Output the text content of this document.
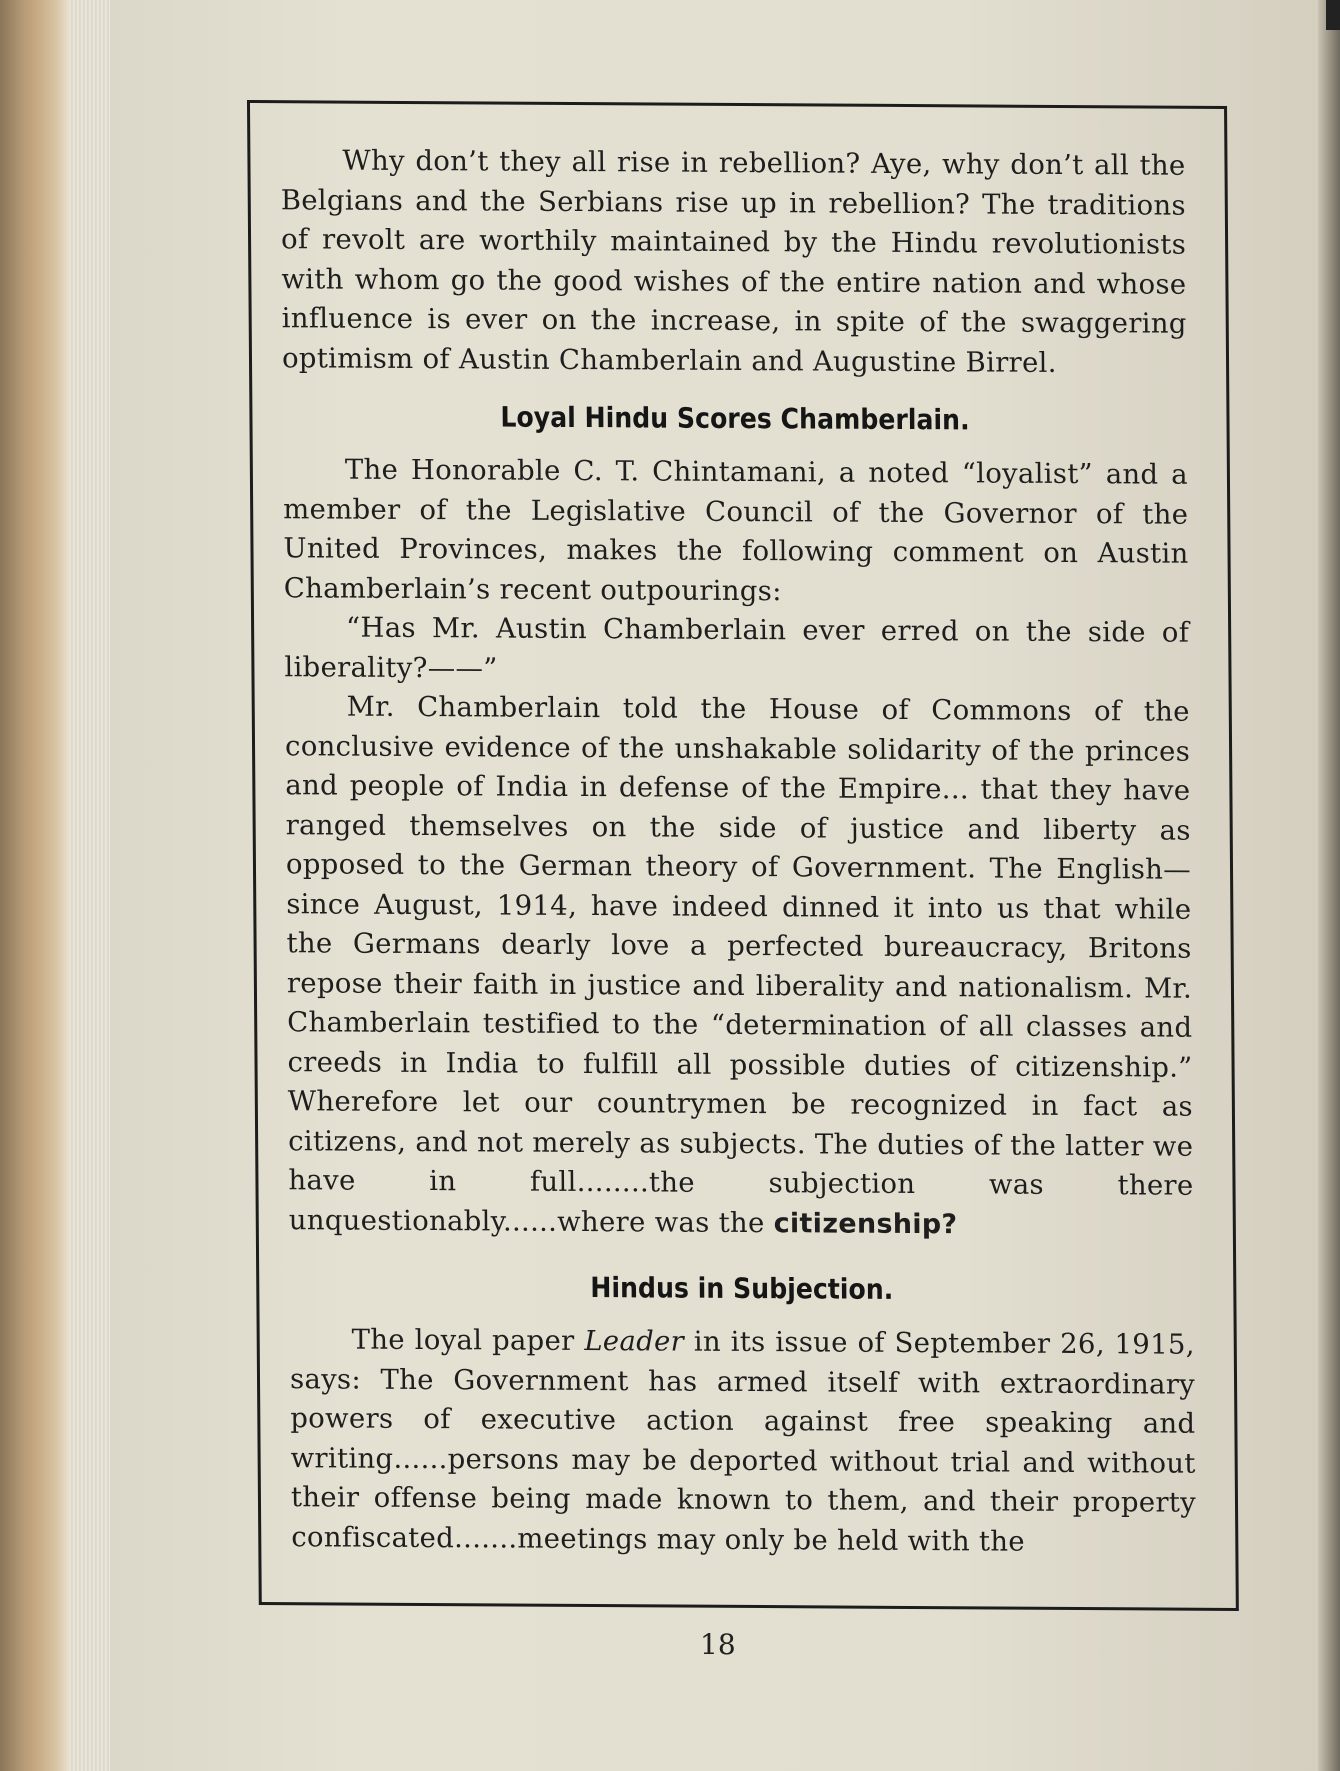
Why don’t they all rise in rebellion? Aye, why don’t all the Belgians and the Serbians rise up in rebellion? The traditions of revolt are worthily maintained by the Hindu revolutionists with whom go the good wishes of the entire nation and whose influence is ever on the increase, in spite of the swaggering optimism of Austin Chamberlain and Augustine Birrel.

Loyal Hindu Scores Chamberlain.

The Honorable C. T. Chintamani, a noted “loyalist” and a member of the Legislative Council of the Governor of the United Provinces, makes the following comment on Austin Chamberlain’s recent outpourings:

“Has Mr. Austin Chamberlain ever erred on the side of liberality?——”

Mr. Chamberlain told the House of Commons of the conclusive evidence of the unshakable solidarity of the princes and people of India in defense of the Empire... that they have ranged themselves on the side of justice and liberty as opposed to the German theory of Government. The English—since August, 1914, have indeed dinned it into us that while the Germans dearly love a perfected bureaucracy, Britons repose their faith in justice and liberality and nationalism. Mr. Chamberlain testified to the “determination of all classes and creeds in India to fulfill all possible duties of citizenship.” Wherefore let our countrymen be recognized in fact as citizens, and not merely as subjects. The duties of the latter we have in full........the subjection was there unquestionably......where was the citizenship?

Hindus in Subjection.

The loyal paper Leader in its issue of September 26, 1915, says: The Government has armed itself with extraordinary powers of executive action against free speaking and writing......persons may be deported without trial and without their offense being made known to them, and their property confiscated.......meetings may only be held with the

18
